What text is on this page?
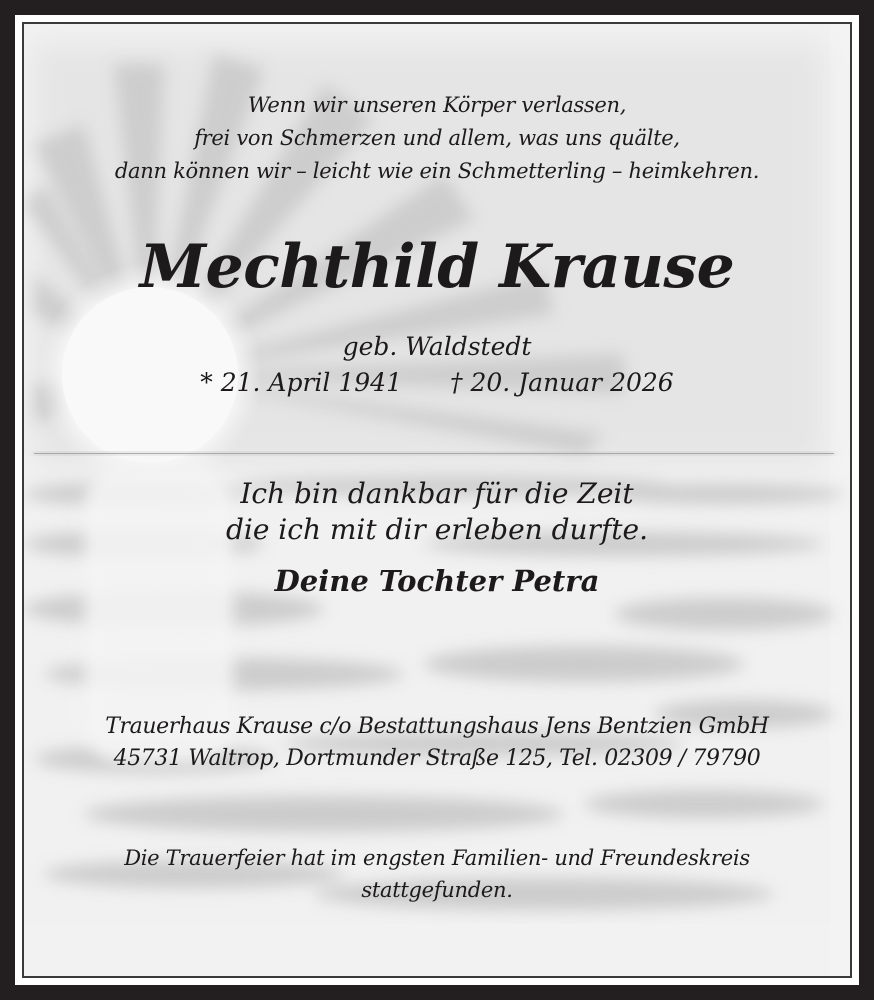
Wenn wir unseren Körper verlassen,
frei von Schmerzen und allem, was uns quälte,
dann können wir – leicht wie ein Schmetterling – heimkehren.
Mechthild Krause
geb. Waldstedt
* 21. April 1941 † 20. Januar 2026
Ich bin dankbar für die Zeit
die ich mit dir erleben durfte.
Deine Tochter Petra
Trauerhaus Krause c/o Bestattungshaus Jens Bentzien GmbH
45731 Waltrop, Dortmunder Straße 125, Tel. 02309 / 79790
Die Trauerfeier hat im engsten Familien- und Freundeskreis
stattgefunden.
